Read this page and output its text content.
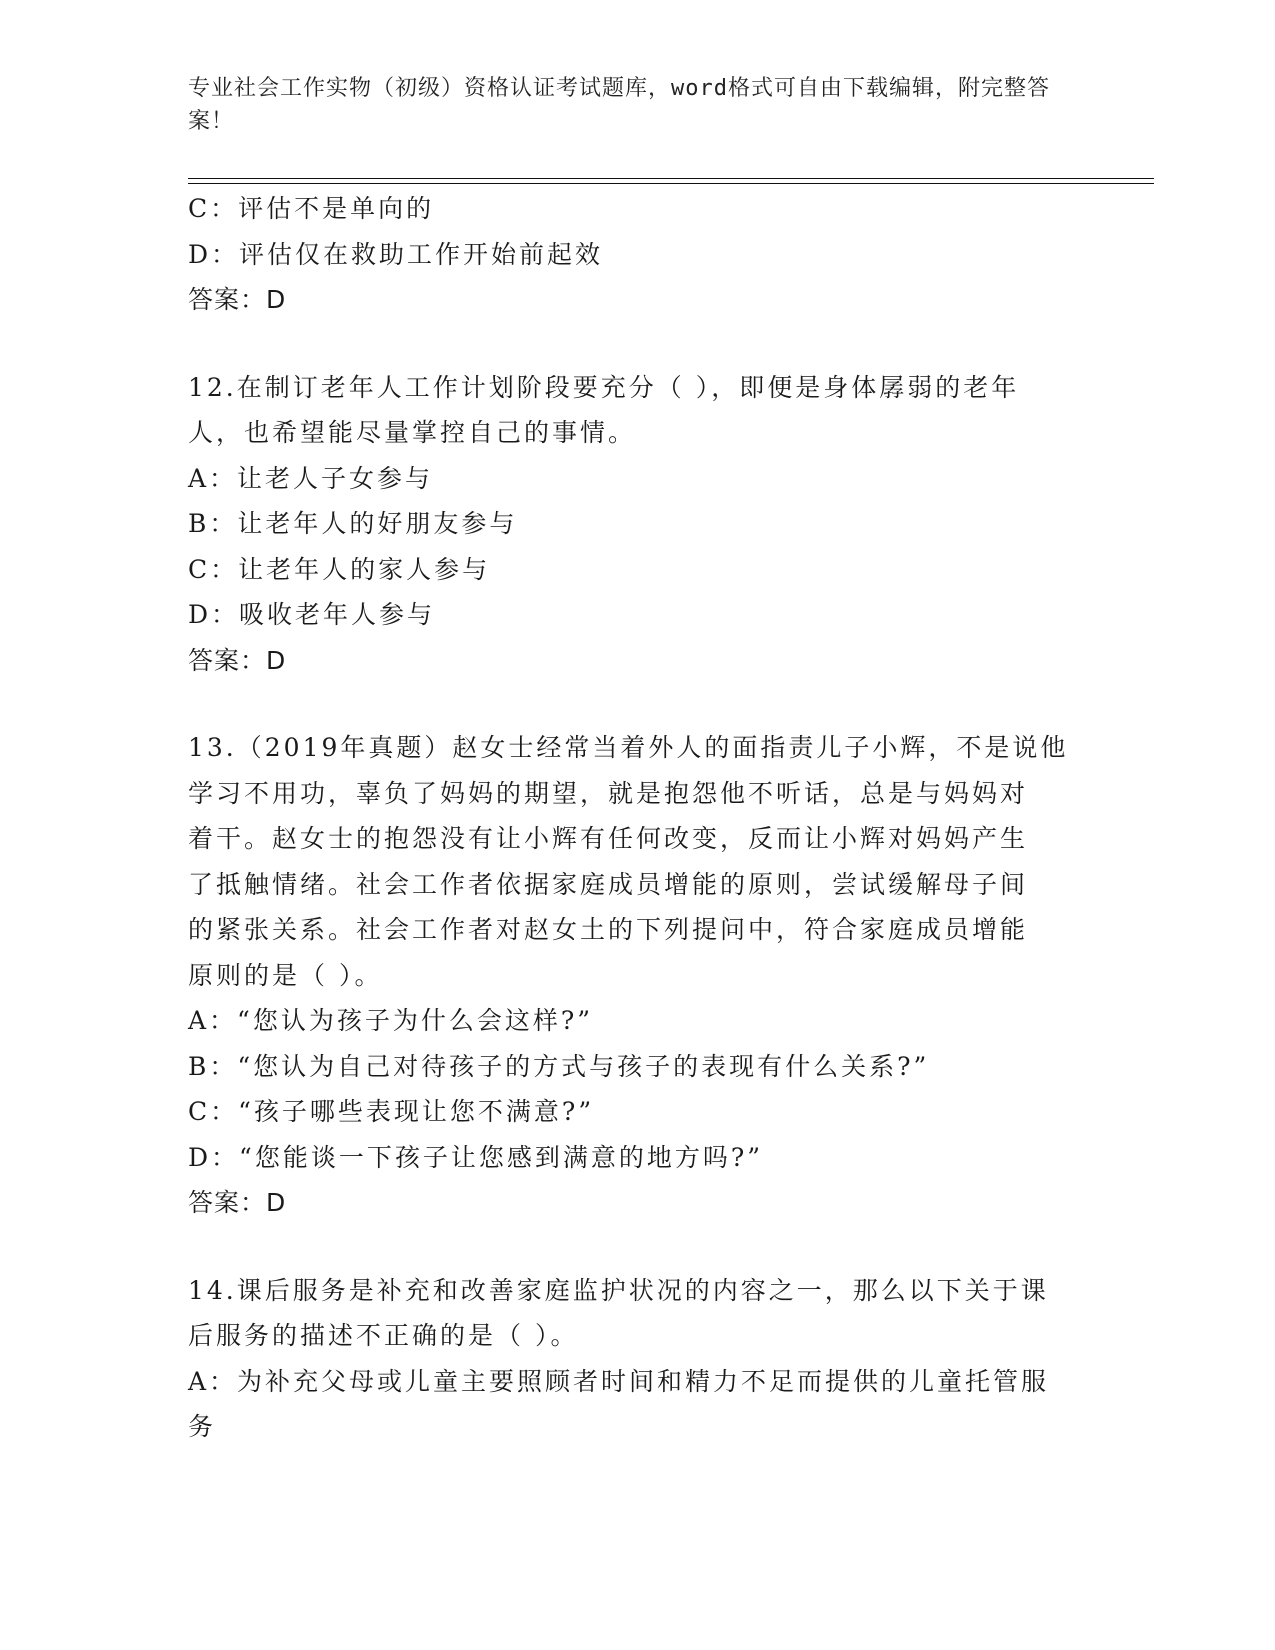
专业社会工作实物（初级）资格认证考试题库，word格式可自由下载编辑，附完整答案！
C：评估不是单向的
D：评估仅在救助工作开始前起效
答案：D
12.在制订老年人工作计划阶段要充分（ ），即便是身体孱弱的老年
人，也希望能尽量掌控自己的事情。
A：让老人子女参与
B：让老年人的好朋友参与
C：让老年人的家人参与
D：吸收老年人参与
答案：D
13.（2019年真题）赵女士经常当着外人的面指责儿子小辉，不是说他
学习不用功，辜负了妈妈的期望，就是抱怨他不听话，总是与妈妈对
着干。赵女士的抱怨没有让小辉有任何改变，反而让小辉对妈妈产生
了抵触情绪。社会工作者依据家庭成员增能的原则，尝试缓解母子间
的紧张关系。社会工作者对赵女土的下列提问中，符合家庭成员增能
原则的是（ ）。
A：“您认为孩子为什么会这样?”
B：“您认为自己对待孩子的方式与孩子的表现有什么关系?”
C：“孩子哪些表现让您不满意?”
D：“您能谈一下孩子让您感到满意的地方吗?”
答案：D
14.课后服务是补充和改善家庭监护状况的内容之一，那么以下关于课
后服务的描述不正确的是（ ）。
A：为补充父母或儿童主要照顾者时间和精力不足而提供的儿童托管服
务
